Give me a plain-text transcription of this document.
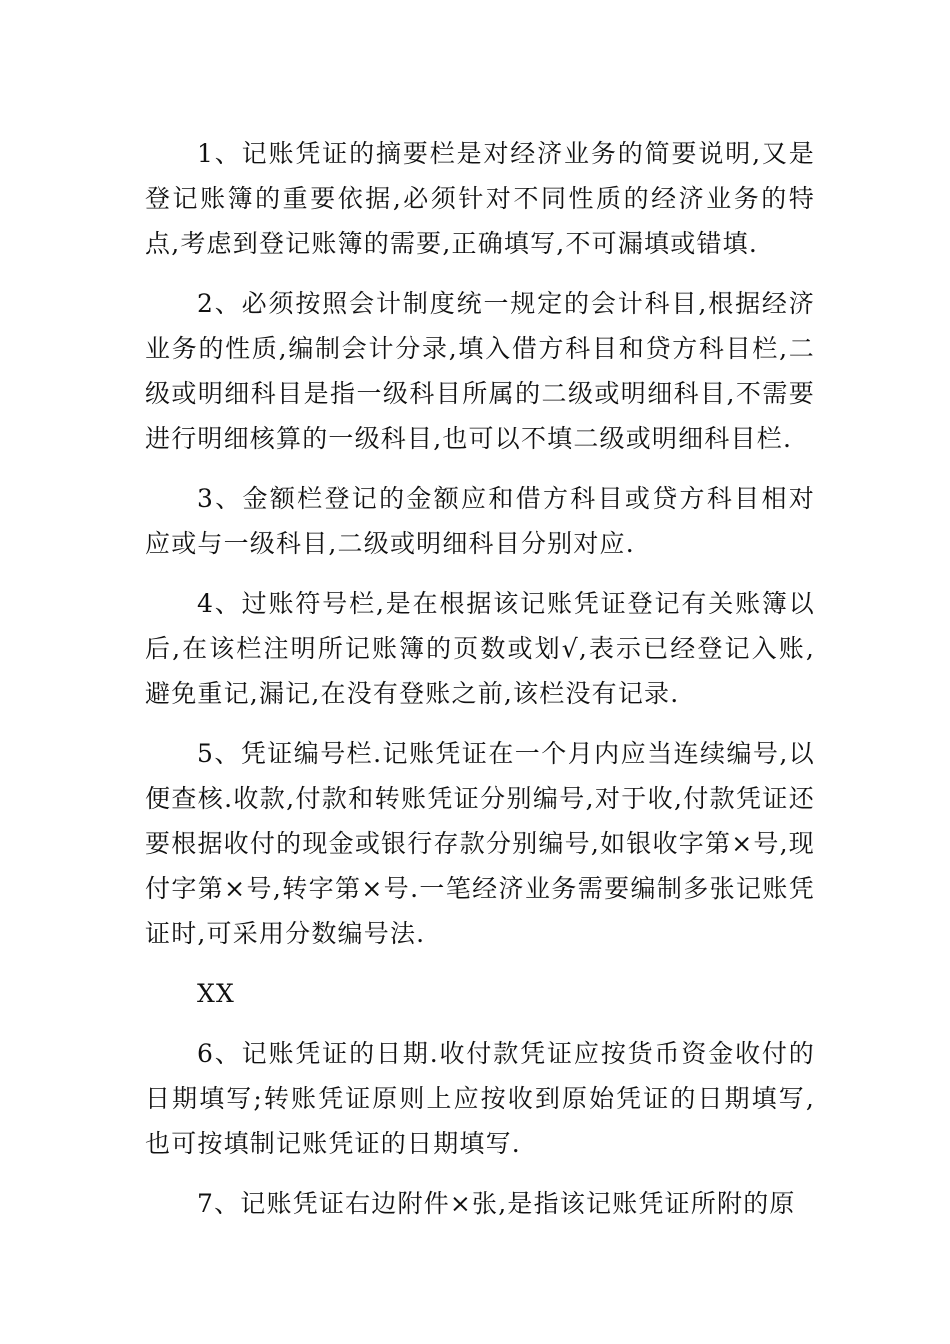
1、记账凭证的摘要栏是对经济业务的简要说明,又是登记账簿的重要依据,必须针对不同性质的经济业务的特点,考虑到登记账簿的需要,正确填写,不可漏填或错填.

2、必须按照会计制度统一规定的会计科目,根据经济业务的性质,编制会计分录,填入借方科目和贷方科目栏,二级或明细科目是指一级科目所属的二级或明细科目,不需要进行明细核算的一级科目,也可以不填二级或明细科目栏.

3、金额栏登记的金额应和借方科目或贷方科目相对应或与一级科目,二级或明细科目分别对应.

4、过账符号栏,是在根据该记账凭证登记有关账簿以后,在该栏注明所记账簿的页数或划√,表示已经登记入账,避免重记,漏记,在没有登账之前,该栏没有记录.

5、凭证编号栏.记账凭证在一个月内应当连续编号,以便查核.收款,付款和转账凭证分别编号,对于收,付款凭证还要根据收付的现金或银行存款分别编号,如银收字第×号,现付字第×号,转字第×号.一笔经济业务需要编制多张记账凭证时,可采用分数编号法.

XX

6、记账凭证的日期.收付款凭证应按货币资金收付的日期填写;转账凭证原则上应按收到原始凭证的日期填写,也可按填制记账凭证的日期填写.

7、记账凭证右边附件×张,是指该记账凭证所附的原
